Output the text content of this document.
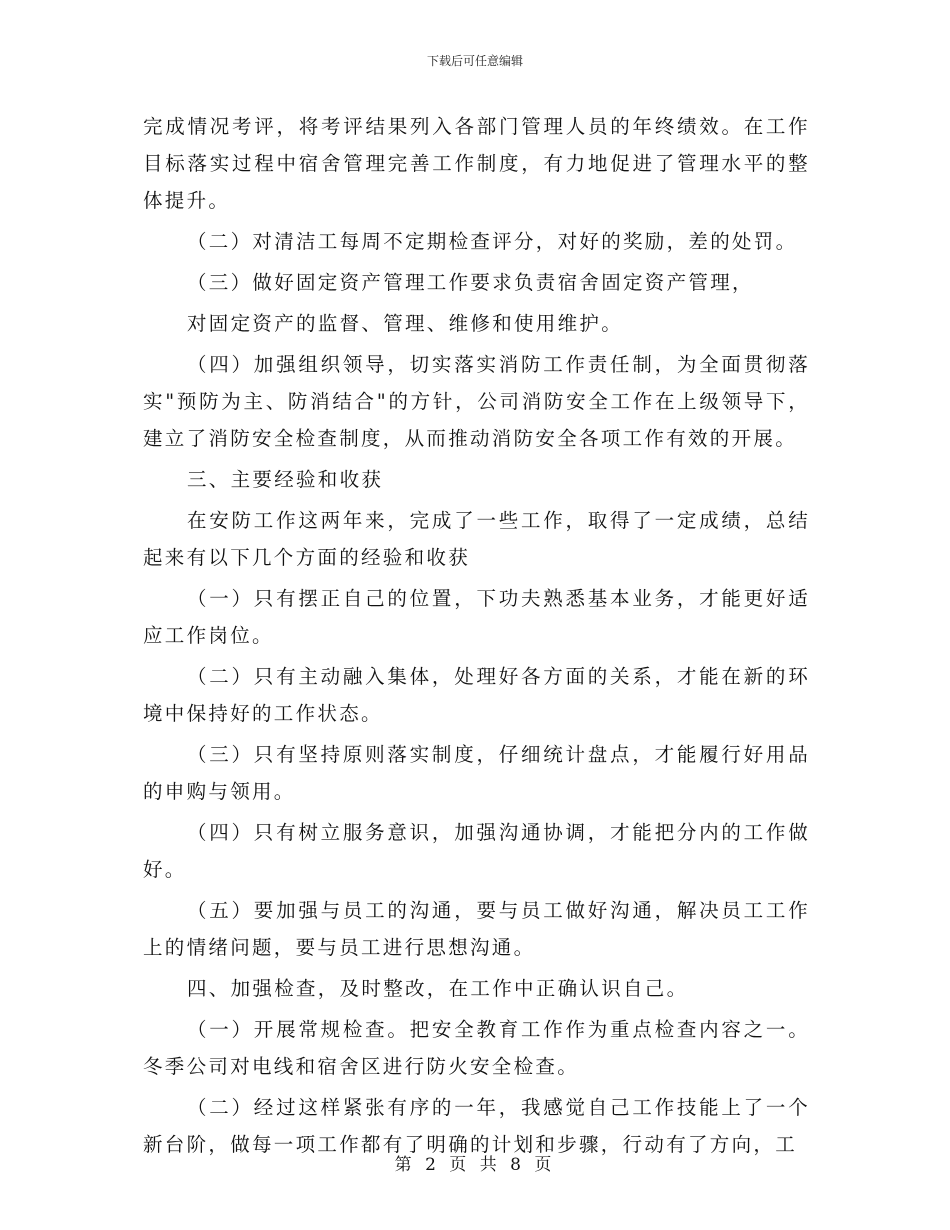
下载后可任意编辑

完成情况考评，将考评结果列入各部门管理人员的年终绩效。在工作目标落实过程中宿舍管理完善工作制度，有力地促进了管理水平的整体提升。

（二）对清洁工每周不定期检查评分，对好的奖励，差的处罚。

（三）做好固定资产管理工作要求负责宿舍固定资产管理，

对固定资产的监督、管理、维修和使用维护。

（四）加强组织领导，切实落实消防工作责任制，为全面贯彻落实"预防为主、防消结合"的方针，公司消防安全工作在上级领导下，建立了消防安全检查制度，从而推动消防安全各项工作有效的开展。

三、主要经验和收获

在安防工作这两年来，完成了一些工作，取得了一定成绩，总结起来有以下几个方面的经验和收获

（一）只有摆正自己的位置，下功夫熟悉基本业务，才能更好适应工作岗位。

（二）只有主动融入集体，处理好各方面的关系，才能在新的环境中保持好的工作状态。

（三）只有坚持原则落实制度，仔细统计盘点，才能履行好用品的申购与领用。

（四）只有树立服务意识，加强沟通协调，才能把分内的工作做好。

（五）要加强与员工的沟通，要与员工做好沟通，解决员工工作上的情绪问题，要与员工进行思想沟通。

四、加强检查，及时整改，在工作中正确认识自己。

（一）开展常规检查。把安全教育工作作为重点检查内容之一。冬季公司对电线和宿舍区进行防火安全检查。

（二）经过这样紧张有序的一年，我感觉自己工作技能上了一个新台阶，做每一项工作都有了明确的计划和步骤，行动有了方向，工

第 2 页 共 8 页
